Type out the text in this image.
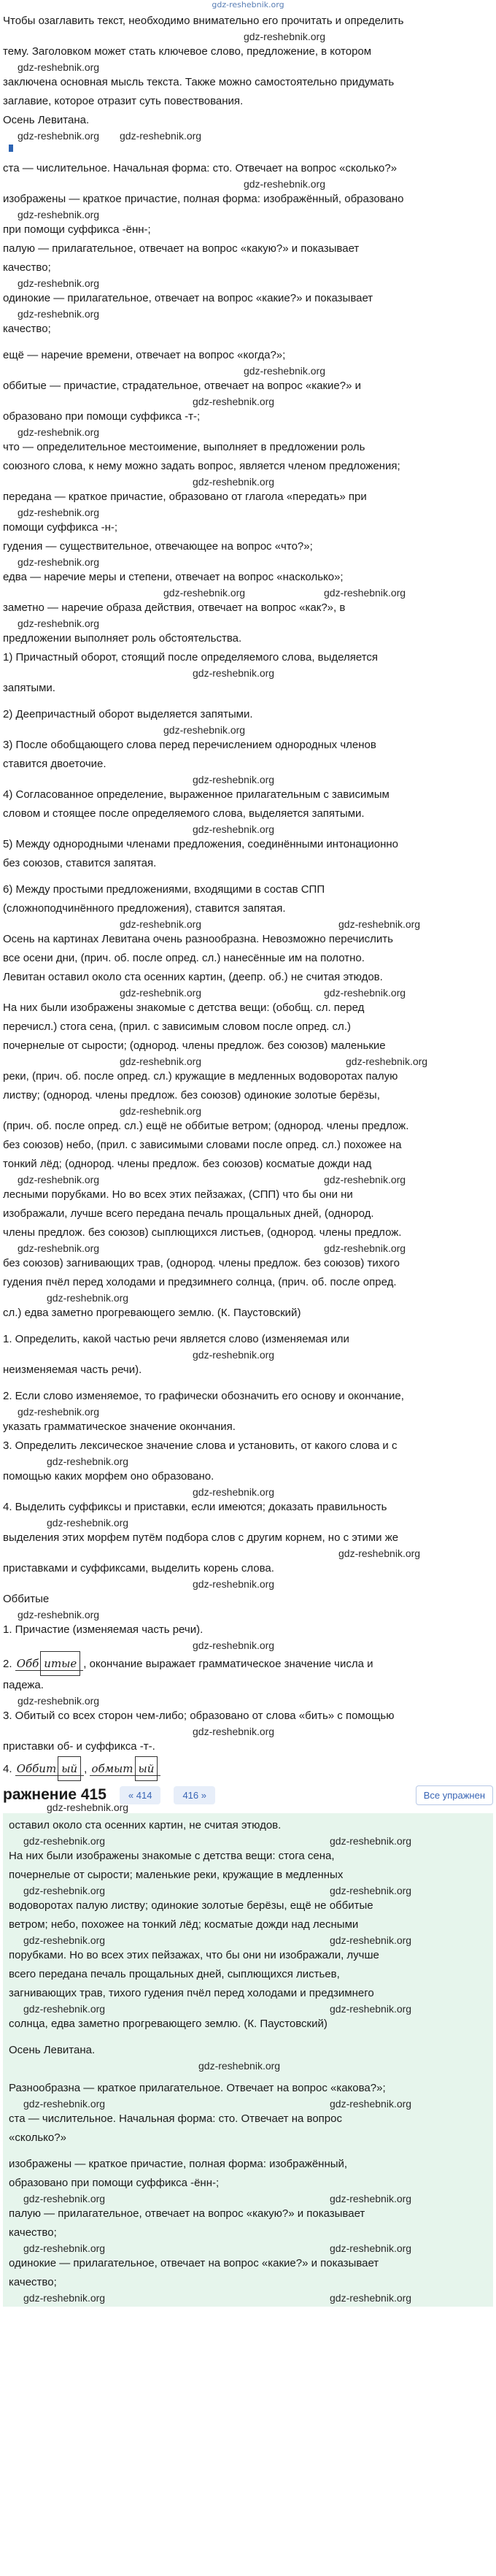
gdz-reshebnik.org

Чтобы озаглавить текст, необходимо внимательно его прочитать и определить

gdz-reshebnik.org

тему. Заголовком может стать ключевое слово, предложение, в котором

gdz-reshebnik.org

заключена основная мысль текста. Также можно самостоятельно придумать

заглавие, которое отразит суть повествования.

Осень Левитана.

gdz-reshebnik.org	gdz-reshebnik.org

ста — числительное. Начальная форма: сто. Отвечает на вопрос «сколько?»

gdz-reshebnik.org

изображены — краткое причастие, полная форма: изображённый, образовано

gdz-reshebnik.org

при помощи суффикса -ённ-;

палую — прилагательное, отвечает на вопрос «какую?» и показывает

качество;

gdz-reshebnik.org

одинокие — прилагательное, отвечает на вопрос «какие?» и показывает

gdz-reshebnik.org

качество;

ещё — наречие времени, отвечает на вопрос «когда?»;

gdz-reshebnik.org

оббитые — причастие, страдательное, отвечает на вопрос «какие?» и

gdz-reshebnik.org

образовано при помощи суффикса -т-;

gdz-reshebnik.org

что — определительное местоимение, выполняет в предложении роль

союзного слова, к нему можно задать вопрос, является членом предложения;

gdz-reshebnik.org

передана — краткое причастие, образовано от глагола «передать» при

gdz-reshebnik.org

помощи суффикса -н-;

гудения — существительное, отвечающее на вопрос «что?»;

gdz-reshebnik.org

едва — наречие меры и степени, отвечает на вопрос «насколько»;

gdz-reshebnik.org	gdz-reshebnik.org

заметно — наречие образа действия, отвечает на вопрос «как?», в

gdz-reshebnik.org

предложении выполняет роль обстоятельства.

1) Причастный оборот, стоящий после определяемого слова, выделяется

gdz-reshebnik.org

запятыми.

2) Деепричастный оборот выделяется запятыми.

gdz-reshebnik.org

3) После обобщающего слова перед перечислением однородных членов

ставится двоеточие.

gdz-reshebnik.org

4) Согласованное определение, выраженное прилагательным с зависимым

словом и стоящее после определяемого слова, выделяется запятыми.

gdz-reshebnik.org

5) Между однородными членами предложения, соединёнными интонационно

без союзов, ставится запятая.

6) Между простыми предложениями, входящими в состав СПП

(сложноподчинённого предложения), ставится запятая.

gdz-reshebnik.org	gdz-reshebnik.org

Осень на картинах Левитана очень разнообразна. Невозможно перечислить

все осени дни, (прич. об. после опред. сл.) нанесённые им на полотно.

Левитан оставил около ста осенних картин, (деепр. об.) не считая этюдов.

gdz-reshebnik.org	gdz-reshebnik.org

На них были изображены знакомые с детства вещи: (обобщ. сл. перед

перечисл.) стога сена, (прил. с зависимым словом после опред. сл.)

почернелые от сырости; (однород. члены предлож. без союзов) маленькие

gdz-reshebnik.org	gdz-reshebnik.org

реки, (прич. об. после опред. сл.) кружащие в медленных водоворотах палую

листву; (однород. члены предлож. без союзов) одинокие золотые берёзы,

gdz-reshebnik.org

(прич. об. после опред. сл.) ещё не оббитые ветром; (однород. члены предлож.

без союзов) небо, (прил. с зависимыми словами после опред. сл.) похожее на

тонкий лёд; (однород. члены предлож. без союзов) косматые дожди над

gdz-reshebnik.org	gdz-reshebnik.org

лесными порубками. Но во всех этих пейзажах, (СПП) что бы они ни

изображали, лучше всего передана печаль прощальных дней, (однород.

члены предлож. без союзов) сыплющихся листьев, (однород. члены предлож.

gdz-reshebnik.org	gdz-reshebnik.org

без союзов) загнивающих трав, (однород. члены предлож. без союзов) тихого

гудения пчёл перед холодами и предзимнего солнца, (прич. об. после опред.

gdz-reshebnik.org

сл.) едва заметно прогревающего землю. (К. Паустовский)

1. Определить, какой частью речи является слово (изменяемая или

gdz-reshebnik.org

неизменяемая часть речи).

2. Если слово изменяемое, то графически обозначить его основу и окончание,

gdz-reshebnik.org

указать грамматическое значение окончания.

3. Определить лексическое значение слова и установить, от какого слова и с

gdz-reshebnik.org

помощью каких морфем оно образовано.

gdz-reshebnik.org

4. Выделить суффиксы и приставки, если имеются; доказать правильность

gdz-reshebnik.org

выделения этих морфем путём подбора слов с другим корнем, но с этими же

gdz-reshebnik.org

приставками и суффиксами, выделить корень слова.

gdz-reshebnik.org

Оббитые

gdz-reshebnik.org

1. Причастие (изменяемая часть речи).

gdz-reshebnik.org

2. Обб итые , окончание выражает грамматическое значение числа и

падежа.

gdz-reshebnik.org

3. Обитый со всех сторон чем-либо; образовано от слова «бить» с помощью

gdz-reshebnik.org

приставки об- и суффикса -т-.

4. Оббит ый , обмыт ый

ражнение 415	« 414	416 »	Все упражнен
gdz-reshebnik.org

оставил около ста осенних картин, не считая этюдов.

gdz-reshebnik.org	gdz-reshebnik.org

На них были изображены знакомые с детства вещи: стога сена,

почернелые от сырости; маленькие реки, кружащие в медленных

gdz-reshebnik.org	gdz-reshebnik.org

водоворотах палую листву; одинокие золотые берёзы, ещё не оббитые

ветром; небо, похожее на тонкий лёд; косматые дожди над лесными

gdz-reshebnik.org	gdz-reshebnik.org

порубками. Но во всех этих пейзажах, что бы они ни изображали, лучше

всего передана печаль прощальных дней, сыплющихся листьев,

загнивающих трав, тихого гудения пчёл перед холодами и предзимнего

gdz-reshebnik.org	gdz-reshebnik.org

солнца, едва заметно прогревающего землю. (К. Паустовский)

Осень Левитана.

gdz-reshebnik.org

Разнообразна — краткое прилагательное. Отвечает на вопрос «какова?»;

gdz-reshebnik.org	gdz-reshebnik.org

ста — числительное. Начальная форма: сто. Отвечает на вопрос

«сколько?»

изображены — краткое причастие, полная форма: изображённый,

образовано при помощи суффикса -ённ-;

gdz-reshebnik.org	gdz-reshebnik.org

палую — прилагательное, отвечает на вопрос «какую?» и показывает

качество;

gdz-reshebnik.org	gdz-reshebnik.org

одинокие — прилагательное, отвечает на вопрос «какие?» и показывает

качество;

gdz-reshebnik.org	gdz-reshebnik.org
